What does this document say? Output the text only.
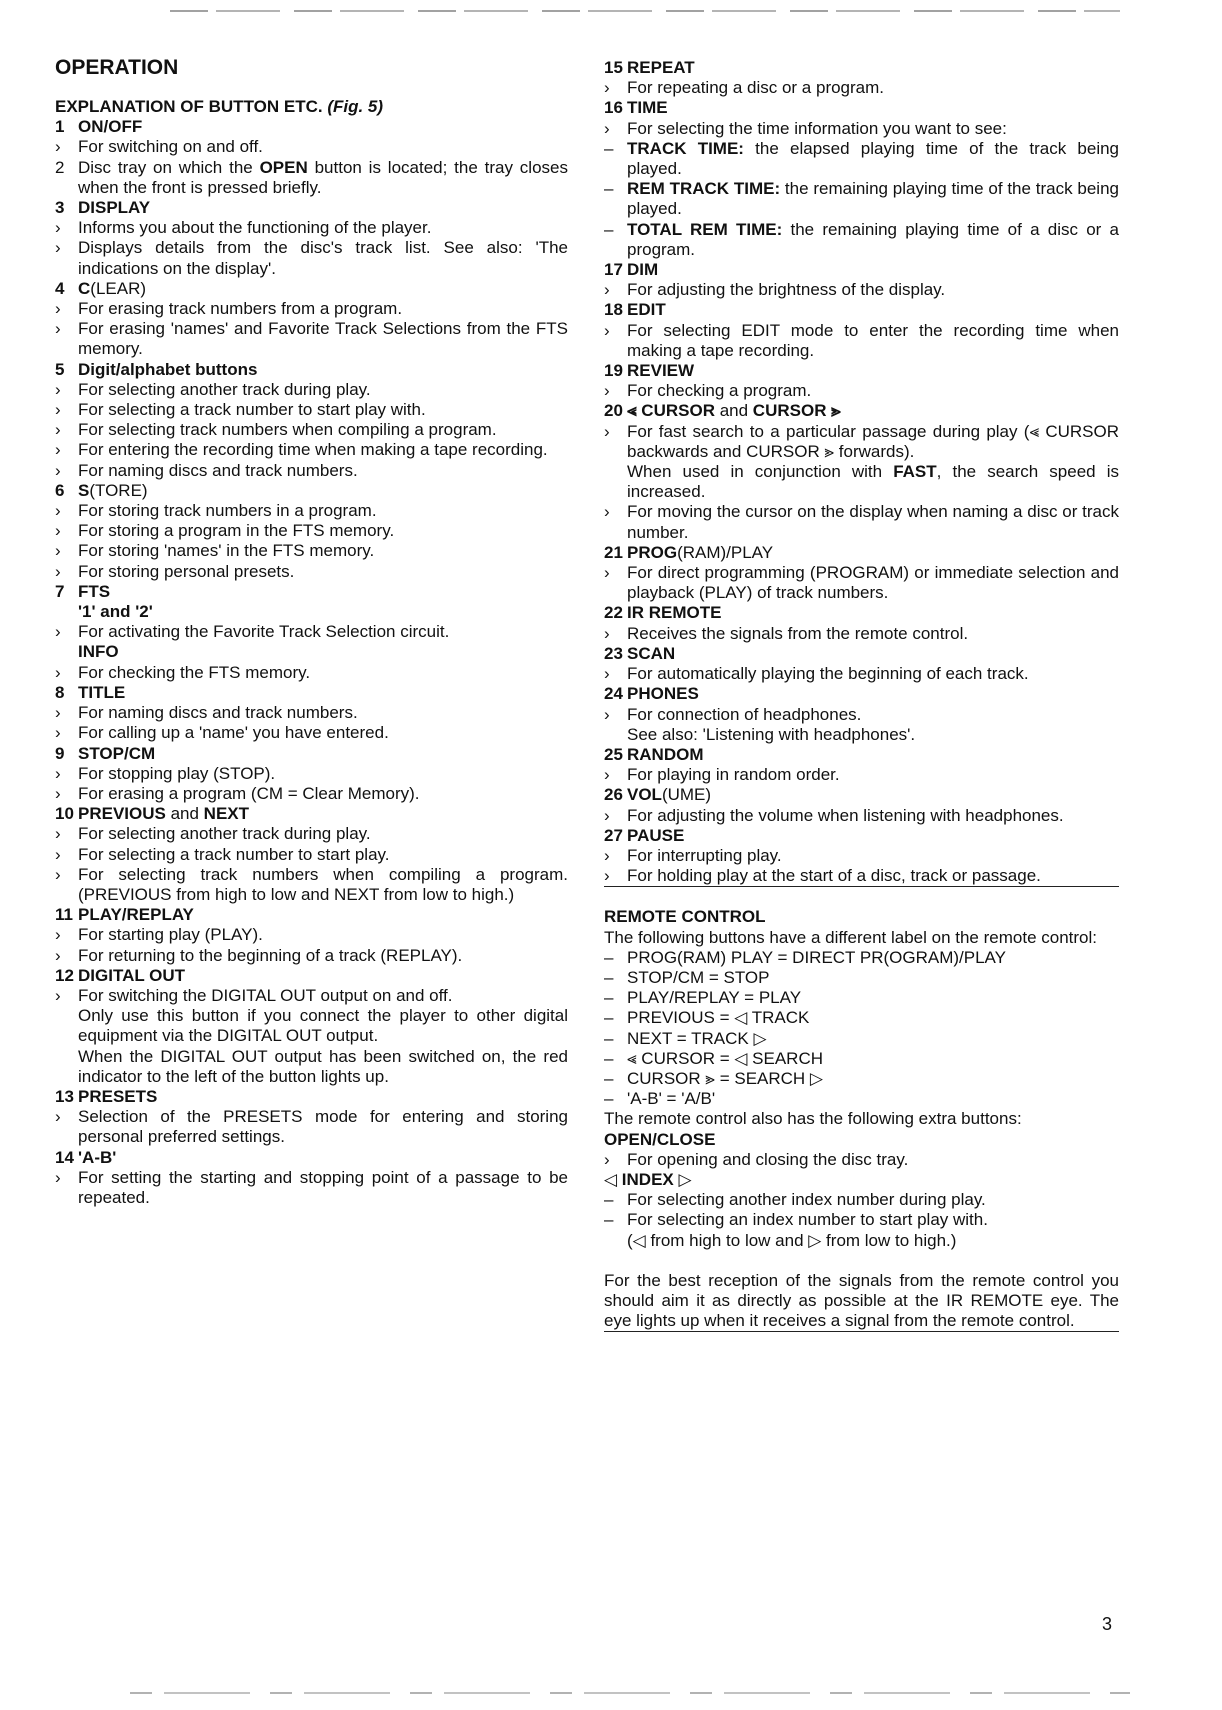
OPERATION
EXPLANATION OF BUTTON ETC. (Fig. 5)
1 ON/OFF
›	For switching on and off.
2 Disc tray on which the OPEN button is located; the tray closes when the front is pressed briefly.
3 DISPLAY
›	Informs you about the functioning of the player.
›	Displays details from the disc's track list. See also: 'The indications on the display'.
4 C(LEAR)
›	For erasing track numbers from a program.
›	For erasing 'names' and Favorite Track Selections from the FTS memory.
5 Digit/alphabet buttons
›	For selecting another track during play.
›	For selecting a track number to start play with.
›	For selecting track numbers when compiling a program.
›	For entering the recording time when making a tape recording.
›	For naming discs and track numbers.
6 S(TORE)
›	For storing track numbers in a program.
›	For storing a program in the FTS memory.
›	For storing 'names' in the FTS memory.
›	For storing personal presets.
7 FTS
'1' and '2'
›	For activating the Favorite Track Selection circuit.
INFO
›	For checking the FTS memory.
8 TITLE
›	For naming discs and track numbers.
›	For calling up a 'name' you have entered.
9 STOP/CM
›	For stopping play (STOP).
›	For erasing a program (CM = Clear Memory).
10 PREVIOUS and NEXT
›	For selecting another track during play.
›	For selecting a track number to start play.
›	For selecting track numbers when compiling a program. (PREVIOUS from high to low and NEXT from low to high.)
11 PLAY/REPLAY
›	For starting play (PLAY).
›	For returning to the beginning of a track (REPLAY).
12 DIGITAL OUT
›	For switching the DIGITAL OUT output on and off.
Only use this button if you connect the player to other digital equipment via the DIGITAL OUT output.
When the DIGITAL OUT output has been switched on, the red indicator to the left of the button lights up.
13 PRESETS
›	Selection of the PRESETS mode for entering and storing personal preferred settings.
14 'A-B'
›	For setting the starting and stopping point of a passage to be repeated.
15 REPEAT
›	For repeating a disc or a program.
16 TIME
›	For selecting the time information you want to see:
– TRACK TIME: the elapsed playing time of the track being played.
– REM TRACK TIME: the remaining playing time of the track being played.
– TOTAL REM TIME: the remaining playing time of a disc or a program.
17 DIM
›	For adjusting the brightness of the display.
18 EDIT
›	For selecting EDIT mode to enter the recording time when making a tape recording.
19 REVIEW
›	For checking a program.
20 ⪡ CURSOR and CURSOR ⪢
›	For fast search to a particular passage during play (⪡ CURSOR backwards and CURSOR ⪢ forwards).
When used in conjunction with FAST, the search speed is increased.
›	For moving the cursor on the display when naming a disc or track number.
21 PROG(RAM)/PLAY
›	For direct programming (PROGRAM) or immediate selection and playback (PLAY) of track numbers.
22 IR REMOTE
›	Receives the signals from the remote control.
23 SCAN
›	For automatically playing the beginning of each track.
24 PHONES
›	For connection of headphones.
See also: 'Listening with headphones'.
25 RANDOM
›	For playing in random order.
26 VOL(UME)
›	For adjusting the volume when listening with headphones.
27 PAUSE
›	For interrupting play.
›	For holding play at the start of a disc, track or passage.
REMOTE CONTROL
The following buttons have a different label on the remote control:
– PROG(RAM) PLAY = DIRECT PR(OGRAM)/PLAY
– STOP/CM = STOP
– PLAY/REPLAY = PLAY
– PREVIOUS = ◁ TRACK
– NEXT = TRACK ▷
– ⪡ CURSOR = ◁ SEARCH
– CURSOR ⪢ = SEARCH ▷
– 'A-B' = 'A/B'
The remote control also has the following extra buttons:
OPEN/CLOSE
›	For opening and closing the disc tray.
◁ INDEX ▷
– For selecting another index number during play.
– For selecting an index number to start play with.
(◁ from high to low and ▷ from low to high.)
For the best reception of the signals from the remote control you should aim it as directly as possible at the IR REMOTE eye. The eye lights up when it receives a signal from the remote control.
3
